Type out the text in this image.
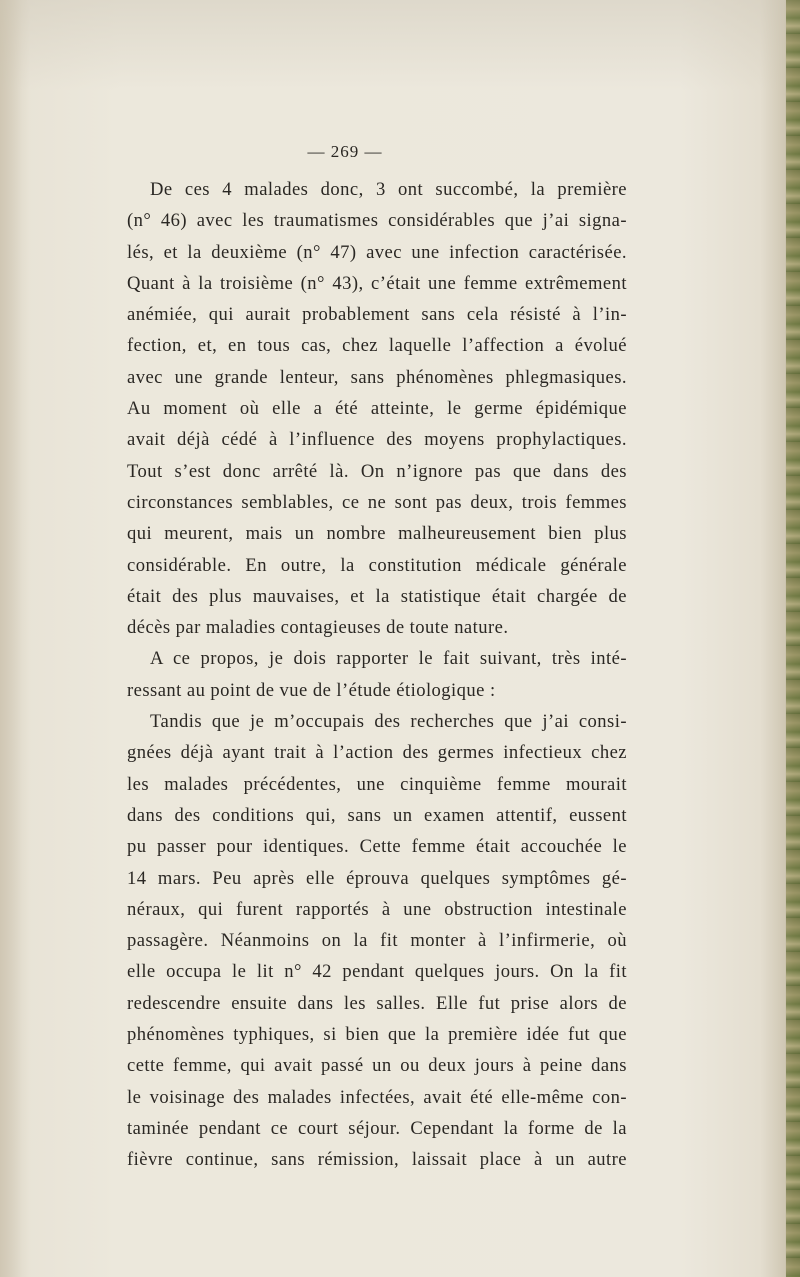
— 269 —
De ces 4 malades donc, 3 ont succombé, la première
(n° 46) avec les traumatismes considérables que j’ai signa-
lés, et la deuxième (n° 47) avec une infection caractérisée.
Quant à la troisième (n° 43), c’était une femme extrêmement
anémiée, qui aurait probablement sans cela résisté à l’in-
fection, et, en tous cas, chez laquelle l’affection a évolué
avec une grande lenteur, sans phénomènes phlegmasiques.
Au moment où elle a été atteinte, le germe épidémique
avait déjà cédé à l’influence des moyens prophylactiques.
Tout s’est donc arrêté là. On n’ignore pas que dans des
circonstances semblables, ce ne sont pas deux, trois femmes
qui meurent, mais un nombre malheureusement bien plus
considérable. En outre, la constitution médicale générale
était des plus mauvaises, et la statistique était chargée de
décès par maladies contagieuses de toute nature.
A ce propos, je dois rapporter le fait suivant, très inté-
ressant au point de vue de l’étude étiologique :
Tandis que je m’occupais des recherches que j’ai consi-
gnées déjà ayant trait à l’action des germes infectieux chez
les malades précédentes, une cinquième femme mourait
dans des conditions qui, sans un examen attentif, eussent
pu passer pour identiques. Cette femme était accouchée le
14 mars. Peu après elle éprouva quelques symptômes gé-
néraux, qui furent rapportés à une obstruction intestinale
passagère. Néanmoins on la fit monter à l’infirmerie, où
elle occupa le lit n° 42 pendant quelques jours. On la fit
redescendre ensuite dans les salles. Elle fut prise alors de
phénomènes typhiques, si bien que la première idée fut que
cette femme, qui avait passé un ou deux jours à peine dans
le voisinage des malades infectées, avait été elle-même con-
taminée pendant ce court séjour. Cependant la forme de la
fièvre continue, sans rémission, laissait place à un autre
